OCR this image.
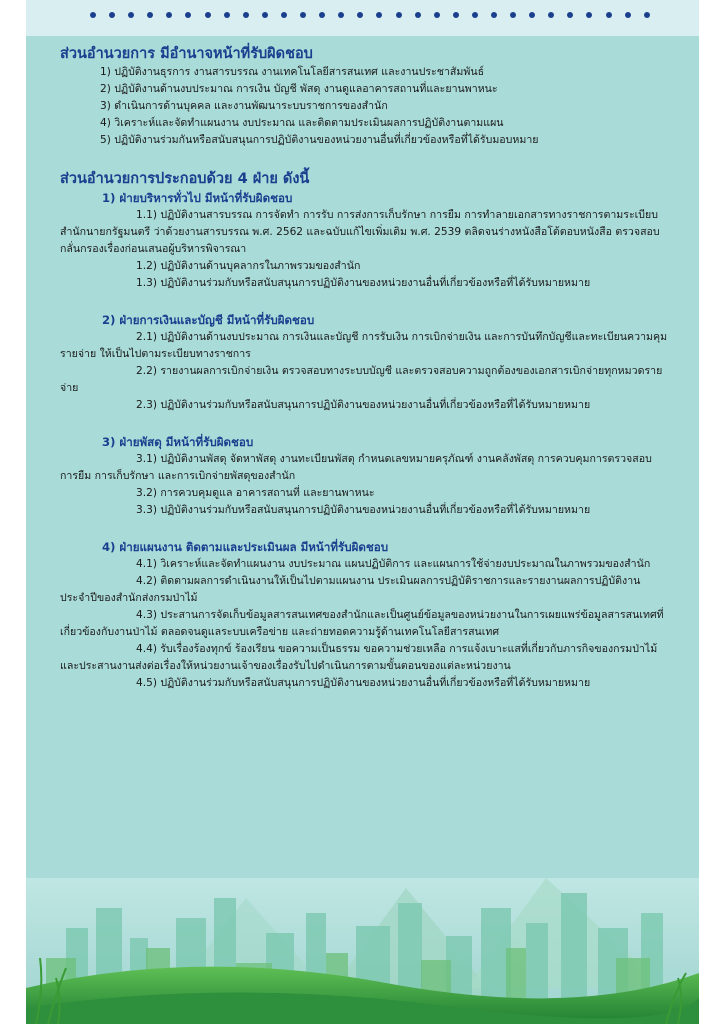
ส่วนอำนวยการ มีอำนาจหน้าที่รับผิดชอบ

1) ปฏิบัติงานธุรการ งานสารบรรณ งานเทคโนโลยีสารสนเทศ และงานประชาสัมพันธ์

2) ปฏิบัติงานด้านงบประมาณ การเงิน บัญชี พัสดุ งานดูแลอาคารสถานที่และยานพาหนะ

3) ดำเนินการด้านบุคคล และงานพัฒนาระบบราชการของสำนัก

4) วิเคราะห์และจัดทำแผนงาน งบประมาณ และติดตามประเมินผลการปฏิบัติงานตามแผน

5) ปฏิบัติงานร่วมกันหรือสนับสนุนการปฏิบัติงานของหน่วยงานอื่นที่เกี่ยวข้องหรือที่ได้รับมอบหมาย

ส่วนอำนวยการประกอบด้วย 4 ฝ่าย ดังนี้
1) ฝ่ายบริหารทั่วไป มีหน้าที่รับผิดชอบ

1.1) ปฏิบัติงานสารบรรณ การจัดทำ การรับ การส่งการเก็บรักษา การยืม การทำลายเอกสารทางราชการตามระเบียบสำนักนายกรัฐมนตรี ว่าด้วยงานสารบรรณ พ.ศ. 2562 และฉบับแก้ไขเพิ่มเติม พ.ศ. 2539 ตลิดจนร่างหนังสือโต้ตอบหนังสือ ตรวจสอบกลั่นกรองเรื่องก่อนเสนอผู้บริหารพิจารณา

1.2) ปฏิบัติงานด้านบุคลากรในภาพรวมของสำนัก

1.3) ปฏิบัติงานร่วมกับหรือสนับสนุนการปฏิบัติงานของหน่วยงานอื่นที่เกี่ยวข้องหรือที่ได้รับหมายหมาย

2) ฝ่ายการเงินและบัญชี มีหน้าที่รับผิดชอบ

2.1) ปฏิบัติงานด้านงบประมาณ การเงินและบัญชี การรับเงิน การเบิกจ่ายเงิน และการบันทึกบัญชีและทะเบียนความคุมรายจ่าย ให้เป็นไปตามระเบียบทางราชการ

2.2) รายงานผลการเบิกจ่ายเงิน ตรวจสอบทางระบบบัญชี และตรวจสอบความถูกต้องของเอกสารเบิกจ่ายทุกหมวดรายจ่าย

2.3) ปฏิบัติงานร่วมกับหรือสนับสนุนการปฏิบัติงานของหน่วยงานอื่นที่เกี่ยวข้องหรือที่ได้รับหมายหมาย

3) ฝ่ายพัสดุ มีหน้าที่รับผิดชอบ

3.1) ปฏิบัติงานพัสดุ จัดหาพัสดุ งานทะเบียนพัสดุ กำหนดเลขหมายครุภัณฑ์ งานคลังพัสดุ การควบคุมการตรวจสอบ การยืม การเก็บรักษา และการเบิกจ่ายพัสดุของสำนัก

3.2) การควบคุมดูแล อาคารสถานที่ และยานพาหนะ

3.3) ปฏิบัติงานร่วมกับหรือสนับสนุนการปฏิบัติงานของหน่วยงานอื่นที่เกี่ยวข้องหรือที่ได้รับหมายหมาย

4) ฝ่ายแผนงาน ติดตามและประเมินผล มีหน้าที่รับผิดชอบ

4.1) วิเคราะห์และจัดทำแผนงาน งบประมาณ แผนปฏิบัติการ และแผนการใช้จ่ายงบประมาณในภาพรวมของสำนัก

4.2) ติดตามผลการดำเนินงานให้เป็นไปตามแผนงาน ประเมินผลการปฏิบัติราชการและรายงานผลการปฏิบัติงานประจำปีของสำนักส่งกรมป่าไม้

4.3) ประสานการจัดเก็บข้อมูลสารสนเทศของสำนักและเป็นศูนย์ข้อมูลของหน่วยงานในการเผยแพร่ข้อมูลสารสนเทศที่เกี่ยวข้องกับงานป่าไม้ ตลอดจนดูแลระบบเครือข่าย และถ่ายทอดความรู้ด้านเทคโนโลยีสารสนเทศ

4.4) รับเรื่องร้องทุกข์ ร้องเรียน ขอความเป็นธรรม ขอความช่วยเหลือ การแจ้งเบาะแสที่เกี่ยวกับภารกิจของกรมป่าไม้ และประสานงานส่งต่อเรื่องให้หน่วยงานเจ้าของเรื่องรับไปดำเนินการตามขั้นตอนของแต่ละหน่วยงาน

4.5) ปฏิบัติงานร่วมกับหรือสนับสนุนการปฏิบัติงานของหน่วยงานอื่นที่เกี่ยวข้องหรือที่ได้รับหมายหมาย
